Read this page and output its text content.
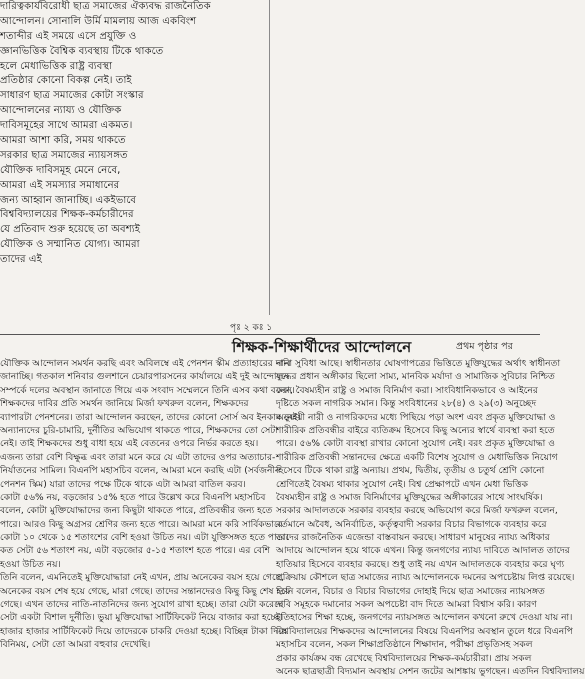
দারিত্বকার্যবিরোধী ছাত্র সমাজের ঐক্যবদ্ধ রাজনৈতিক
আন্দোলন। সোনালি উর্মি মামলায় আজ একবিংশ
শতাব্দীর এই সময়ে এসে প্রযুক্তি ও
জ্ঞানভিত্তিক বৈশ্বিক ব্যবস্থায় টিকে থাকতে
হলে মেধাভিত্তিক রাষ্ট্র ব্যবস্থা
প্রতিষ্ঠার কোনো বিকল্প নেই। তাই
সাধারণ ছাত্র সমাজের কোটা সংস্কার
আন্দোলনের ন্যায্য ও যৌক্তিক
দাবিসমূহের সাথে আমরা একমত।
আমরা আশা করি, সময় থাকতে
সরকার ছাত্র সমাজের ন্যায়সঙ্গত
যৌক্তিক দাবিসমূহ মেনে নেবে,
আমরা এই সমস্যার সমাধানের
জন্য আহ্বান জানাচ্ছি। একইভাবে
বিশ্ববিদ্যালয়ের শিক্ষক-কর্মচারীদের
যে প্রতিবাদ শুরু হয়েছে তা অবশ্যই
যৌক্তিক ও সম্মানিত যোগ্য। আমরা
তাদের এই
পৃঃ ২ কঃ ১
শিক্ষক-শিক্ষার্থীদের আন্দোলনে	প্রথম পৃষ্ঠার পর
যৌক্তিক আন্দোলন সমর্থন করছি এবং অবিলম্বে এই পেনশন স্কীম প্রত্যাহারের দাবি
জানাচ্ছি। গতকাল শনিবার গুলশানে চেয়ারপারসনের কার্যালয়ে এই দুই আন্দোলন
সম্পর্কে দলের অবস্থান জানাতে গিয়ে এক সংবাদ সম্মেলনে তিনি এসব কথা বলেন।
শিক্ষকদের দাবির প্রতি সমর্থন জানিয়ে মির্জা ফখরুল বলেন, শিক্ষকদের
ব্যাপারটা পেনশনের। তারা আন্দোলন করছেন, তাদের কোনো সোর্স অব ইনকাম নেই।
অন্যান্যদের চুরি-চামারি, দুর্নীতির অভিযোগ থাকতে পারে, শিক্ষকদের তো সেটা
নেই। তাই শিক্ষকদের শুধু বাধা হয়ে এই বেতনের ওপরে নির্ভর করতে হয়।
এজন্য তারা বেশি বিক্ষুব্ধ এবং তারা মনে করে যে এটা তাদের ওপর অত্যাচার-
নির্যাতনের সামিল। বিএনপি মহাসচিব বলেন, আমরা মনে করছি এটা (সর্বজনীন
পেনশন স্কিম) যারা তাদের পক্ষে টিকে থাকে এটা আমরা বাতিল করব।
কোটা ৫৬% নয়, বড়জোর ১৫% হতে পারে উল্লেখ করে বিএনপি মহাসচিব
বলেন, কোটা মুক্তিযোদ্ধাদের জন্য কিছুটা থাকতে পারে, প্রতিবন্ধীর জন্য হতে
পারে। আরও কিছু অগ্রসর শ্রেণির জন্য হতে পারে। আমরা মনে করি সার্বিকভাবে
কোটা ১০ থেকে ১৫ শতাংশের বেশি হওয়া উচিত নয়। এটা যুক্তিসঙ্গত হতে পারে।
কত সেটা ৫৬ শতাংশ নয়, এটা বড়জোর ৫-১৫ শতাংশ হতে পারে। এর বেশি
হওয়া উচিত নয়।
তিনি বলেন, এমনিতেই মুক্তিযোদ্ধারা নেই এখন, প্রায় অনেকের বয়স হয়ে গেছে,
অনেকের বয়স শেষ হয়ে গেছে, মারা গেছে। তাদের সন্তানদেরও কিছু কিছু শেষ হয়ে
গেছে। এখন তাদের নাতি-নাতনিদের জন্য সুযোগ রাখা হচ্ছে। তারা যেটা করেছে
সেটা একটা বিশাল দুর্নীতি। ভুয়া মুক্তিযোদ্ধা সার্টিফিকেট নিয়ে বাজার করা হচ্ছে।
হাজার হাজার সার্টিফিকেট দিয়ে তাদেরকে চাকরি দেওয়া হচ্ছে। বিচ্ছিন্ন টাকা দিয়ে
বিনিময়, সেটা তো আমরা বহুবার দেখেছি।
নানা সুবিধা আছে। স্বাধীনতার ঘোষণাপত্রের ভিত্তিতে মুক্তিযুদ্ধের অর্থাৎ স্বাধীনতা
যুদ্ধের প্রধান অঙ্গীকার ছিলো সাম্য, মানবিক মর্যাদা ও সামাজিক সুবিচার নিশ্চিত
করা, বৈষম্যহীন রাষ্ট্র ও সমাজ বিনির্মাণ করা। সাংবিধানিকভাবে ও আইনের
দৃষ্টিতে সকল নাগরিক সমান। কিন্তু সংবিধানের ২৮(৪) ও ২৯(৩) অনুচ্ছেদ
অনুযায়ী নারী ও নাগরিকদের মধ্যে পিছিয়ে পড়া অংশ এবং প্রকৃত মুক্তিযোদ্ধা ও
শারীরিক প্রতিবন্ধীর বাইরে ব্যতিক্রম হিসেবে কিছু অন্যের স্বার্থে ব্যবস্থা করা হতে
পারে। ৫৬% কোটা ব্যবস্থা রাখার কোনো সুযোগ নেই। বরং প্রকৃত মুক্তিযোদ্ধা ও
শারীরিক প্রতিবন্ধী সন্তানদের ক্ষেত্রে একটি বিশেষ সুযোগ ও মেধাভিত্তিক নিয়োগ
হিসেবে টিকে থাকা রাষ্ট্র অন্যায়। প্রথম, দ্বিতীয়, তৃতীয় ও চতুর্থ শ্রেণি কোনো
শ্রেণিতেই বৈষম্য থাকার সুযোগ নেই। বিশ্ব প্রেক্ষাপটে এখন মেধা ভিত্তিক
বৈষম্যহীন রাষ্ট্র ও সমাজ বিনির্মাণের মুক্তিযুদ্ধের অঙ্গীকারের সাথে সাংঘর্ষিক।
সরকার আদালতকে সরকার ব্যবহার করছে অভিযোগ করে মির্জা ফখরুল বলেন,
বর্তমানে অবৈধ, অনির্বাচিত, কর্তৃত্ববাদী সরকার বিচার বিভাগকে ব্যবহার করে
তাদের রাজনৈতিক এজেন্ডা বাস্তবায়ন করছে। সাধারণ মানুষের ন্যায্য অধিকার
আদায়ে আন্দোলন হয়ে থাকে এখন। কিন্তু জনগণের ন্যায্য দাবিতে আদালত তাদের
হাতিয়ার হিসেবে ব্যবহার করছে। শুধু তাই নয় এখন আদালতকে ব্যবহার করে ঘৃণ্য
প্রক্রিয়ায় কৌশলে ছাত্র সমাজের ন্যায্য আন্দোলনকে দমনের অপচেষ্টায় লিপ্ত রয়েছে।
তিনি বলেন, বিচার ও বিচার বিভাগের দোহাই দিয়ে ছাত্র সমাজের ন্যায়সঙ্গত
দাবি সমূহকে দমানোর সকল অপচেষ্টা বাদ দিতে আমরা বিশ্বাস করি। কারণ
ইতিহাসের শিক্ষা হচ্ছে, জনগণের ন্যায়সঙ্গত আন্দোলন কখনো রুখে দেওয়া যায় না।
বিশ্ববিদ্যালয়ের শিক্ষকদের আন্দোলনের বিষয়ে বিএনপির অবস্থান তুলে ধরে বিএনপি
মহাসচিব বলেন, সকল শিক্ষাপ্রতিষ্ঠানে শিক্ষাদান, পরীক্ষা প্রভৃতিসহ সকল
প্রকার কার্যক্রম বন্ধ রেখেছে বিশ্ববিদ্যালয়ের শিক্ষক-কর্মচারীরা। প্রায় সকল
অনেক ছাত্রছাত্রী বিদ্যমান অবস্থায় সেশন জটের আশঙ্কায় ভুগছেন। এতদিন বিশ্ববিদ্যালয়
